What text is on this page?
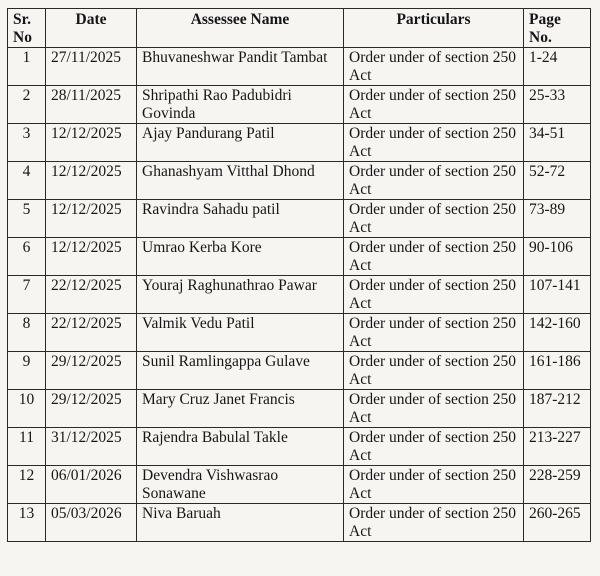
Sr. No	Date	Assessee Name	Particulars	Page No.
1	27/11/2025	Bhuvaneshwar Pandit Tambat	Order under of section 250 Act	1-24
2	28/11/2025	Shripathi Rao Padubidri Govinda	Order under of section 250 Act	25-33
3	12/12/2025	Ajay Pandurang Patil	Order under of section 250 Act	34-51
4	12/12/2025	Ghanashyam Vitthal Dhond	Order under of section 250 Act	52-72
5	12/12/2025	Ravindra Sahadu patil	Order under of section 250 Act	73-89
6	12/12/2025	Umrao Kerba Kore	Order under of section 250 Act	90-106
7	22/12/2025	Youraj Raghunathrao Pawar	Order under of section 250 Act	107-141
8	22/12/2025	Valmik Vedu Patil	Order under of section 250 Act	142-160
9	29/12/2025	Sunil Ramlingappa Gulave	Order under of section 250 Act	161-186
10	29/12/2025	Mary Cruz Janet Francis	Order under of section 250 Act	187-212
11	31/12/2025	Rajendra Babulal Takle	Order under of section 250 Act	213-227
12	06/01/2026	Devendra Vishwasrao Sonawane	Order under of section 250 Act	228-259
13	05/03/2026	Niva Baruah	Order under of section 250 Act	260-265
